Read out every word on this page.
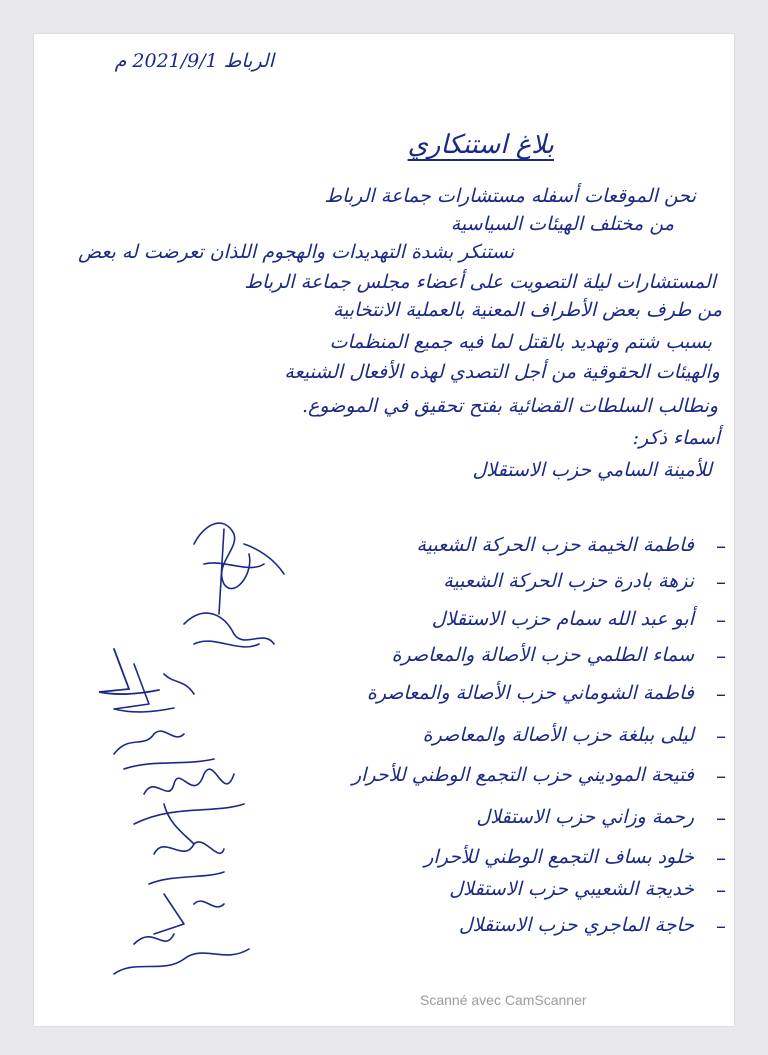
الرباط 2021/9/1 م

بلاغ استنكاري

نحن الموقعات أسفله مستشارات جماعة الرباط

من مختلف الهيئات السياسية

نستنكر بشدة التهديدات والهجوم اللذان تعرضت له بعض

المستشارات ليلة التصويت على أعضاء مجلس جماعة الرباط

من طرف بعض الأطراف المعنية بالعملية الانتخابية

بسبب شتم وتهديد بالقتل لما فيه جميع المنظمات

والهيئات الحقوقية من أجل التصدي لهذه الأفعال الشنيعة

ونطالب السلطات القضائية بفتح تحقيق في الموضوع.

أسماء ذكر:

للأمينة السامي حزب الاستقلال

فاطمة الخيمة حزب الحركة الشعبية –
نزهة بادرة حزب الحركة الشعبية –
أبو عبد الله سمام حزب الاستقلال –
سماء الطلمي حزب الأصالة والمعاصرة –
فاطمة الشوماني حزب الأصالة والمعاصرة –
ليلى ببلغة حزب الأصالة والمعاصرة –
فتيحة الموديني حزب التجمع الوطني للأحرار –
رحمة وزاني حزب الاستقلال –
خلود بساف التجمع الوطني للأحرار –
خديجة الشعيبي حزب الاستقلال –
حاجة الماجري حزب الاستقلال –
Scanné avec CamScanner
